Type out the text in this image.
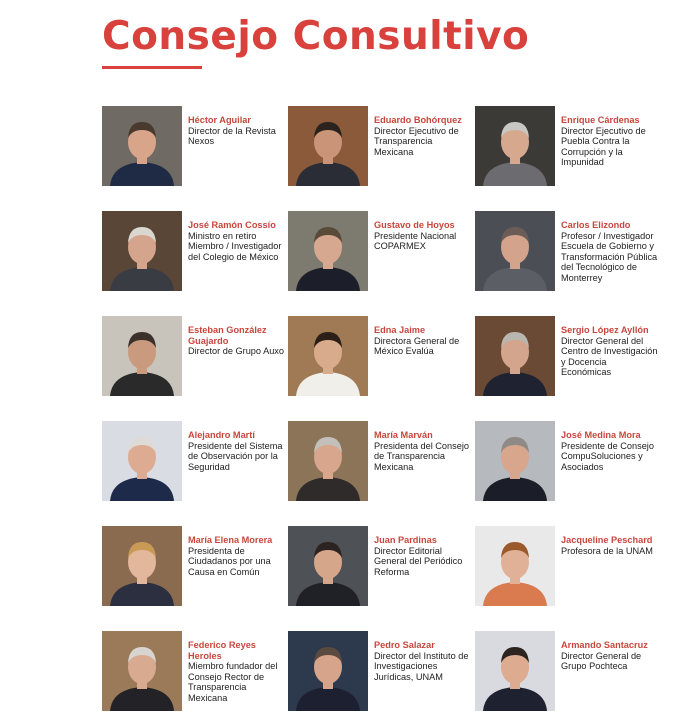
Consejo Consultivo
Héctor Aguilar
Director de la Revista Nexos
Eduardo Bohórquez
Director Ejecutivo de Transparencia Mexicana
Enrique Cárdenas
Director Ejecutivo de Puebla Contra la Corrupción y la Impunidad
José Ramón Cossío
Ministro en retiro Miembro / Investigador del Colegio de México
Gustavo de Hoyos
Presidente Nacional COPARMEX
Carlos Elizondo
Profesor / Investigador Escuela de Gobierno y Transformación Pública del Tecnológico de Monterrey
Esteban González Guajardo
Director de Grupo Auxo
Edna Jaime
Directora General de México Evalúa
Sergio López Ayllón
Director General del Centro de Investigación y Docencia Económicas
Alejandro Martí
Presidente del Sistema de Observación por la Seguridad
María Marván
Presidenta del Consejo de Transparencia Mexicana
José Medina Mora
Presidente de Consejo CompuSoluciones y Asociados
María Elena Morera
Presidenta de Ciudadanos por una Causa en Común
Juan Pardinas
Director Editorial General del Periódico Reforma
Jacqueline Peschard
Profesora de la UNAM
Federico Reyes Heroles
Miembro fundador del Consejo Rector de Transparencia Mexicana
Pedro Salazar
Director del Instituto de Investigaciones Jurídicas, UNAM
Armando Santacruz
Director General de Grupo Pochteca
